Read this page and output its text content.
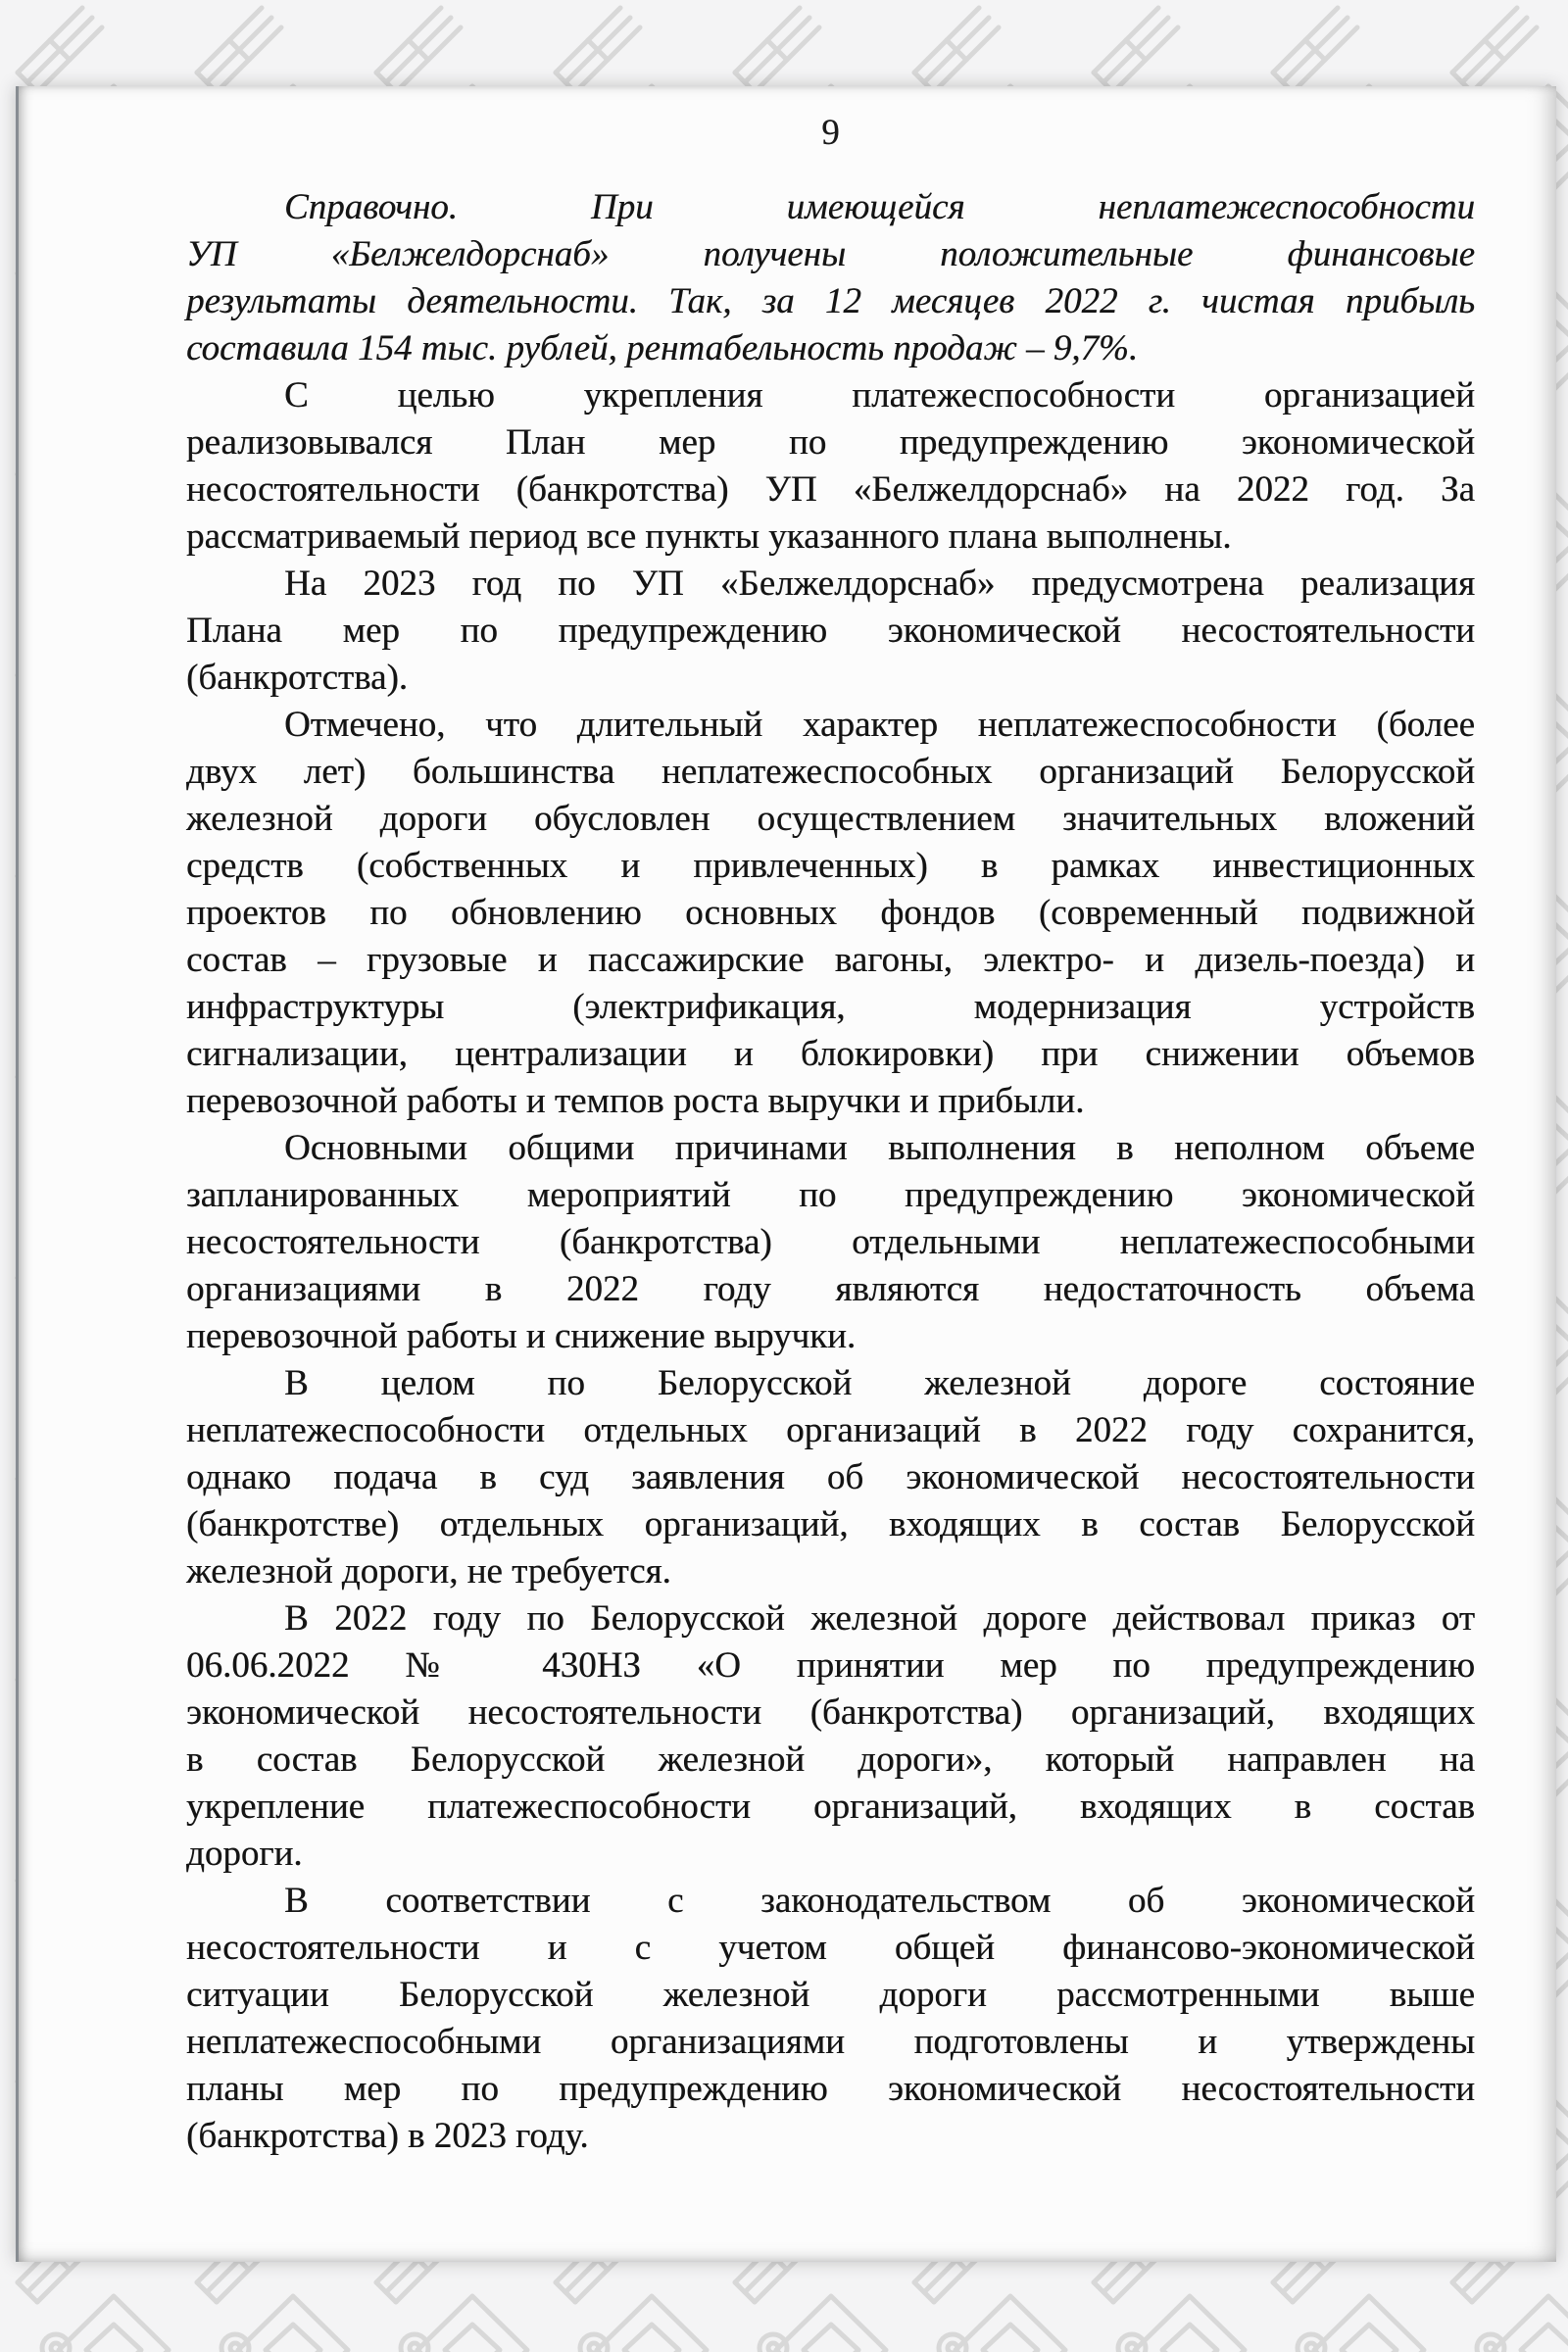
9
Справочно. При имеющейся неплатежеспособности
УП «Белжелдорснаб» получены положительные финансовые
результаты деятельности. Так, за 12 месяцев 2022 г. чистая прибыль
составила 154 тыс. рублей, рентабельность продаж – 9,7%.
С целью укрепления платежеспособности организацией
реализовывался План мер по предупреждению экономической
несостоятельности (банкротства) УП «Белжелдорснаб» на 2022 год. За
рассматриваемый период все пункты указанного плана выполнены.
На 2023 год по УП «Белжелдорснаб» предусмотрена реализация
Плана мер по предупреждению экономической несостоятельности
(банкротства).
Отмечено, что длительный характер неплатежеспособности (более
двух лет) большинства неплатежеспособных организаций Белорусской
железной дороги обусловлен осуществлением значительных вложений
средств (собственных и привлеченных) в рамках инвестиционных
проектов по обновлению основных фондов (современный подвижной
состав – грузовые и пассажирские вагоны, электро- и дизель-поезда) и
инфраструктуры (электрификация, модернизация устройств
сигнализации, централизации и блокировки) при снижении объемов
перевозочной работы и темпов роста выручки и прибыли.
Основными общими причинами выполнения в неполном объеме
запланированных мероприятий по предупреждению экономической
несостоятельности (банкротства) отдельными неплатежеспособными
организациями в 2022 году являются недостаточность объема
перевозочной работы и снижение выручки.
В целом по Белорусской железной дороге состояние
неплатежеспособности отдельных организаций в 2022 году сохранится,
однако подача в суд заявления об экономической несостоятельности
(банкротстве) отдельных организаций, входящих в состав Белорусской
железной дороги, не требуется.
В 2022 году по Белорусской железной дороге действовал приказ от
06.06.2022 № 430НЗ «О принятии мер по предупреждению
экономической несостоятельности (банкротства) организаций, входящих
в состав Белорусской железной дороги», который направлен на
укрепление платежеспособности организаций, входящих в состав
дороги.
В соответствии с законодательством об экономической
несостоятельности и с учетом общей финансово-экономической
ситуации Белорусской железной дороги рассмотренными выше
неплатежеспособными организациями подготовлены и утверждены
планы мер по предупреждению экономической несостоятельности
(банкротства) в 2023 году.
